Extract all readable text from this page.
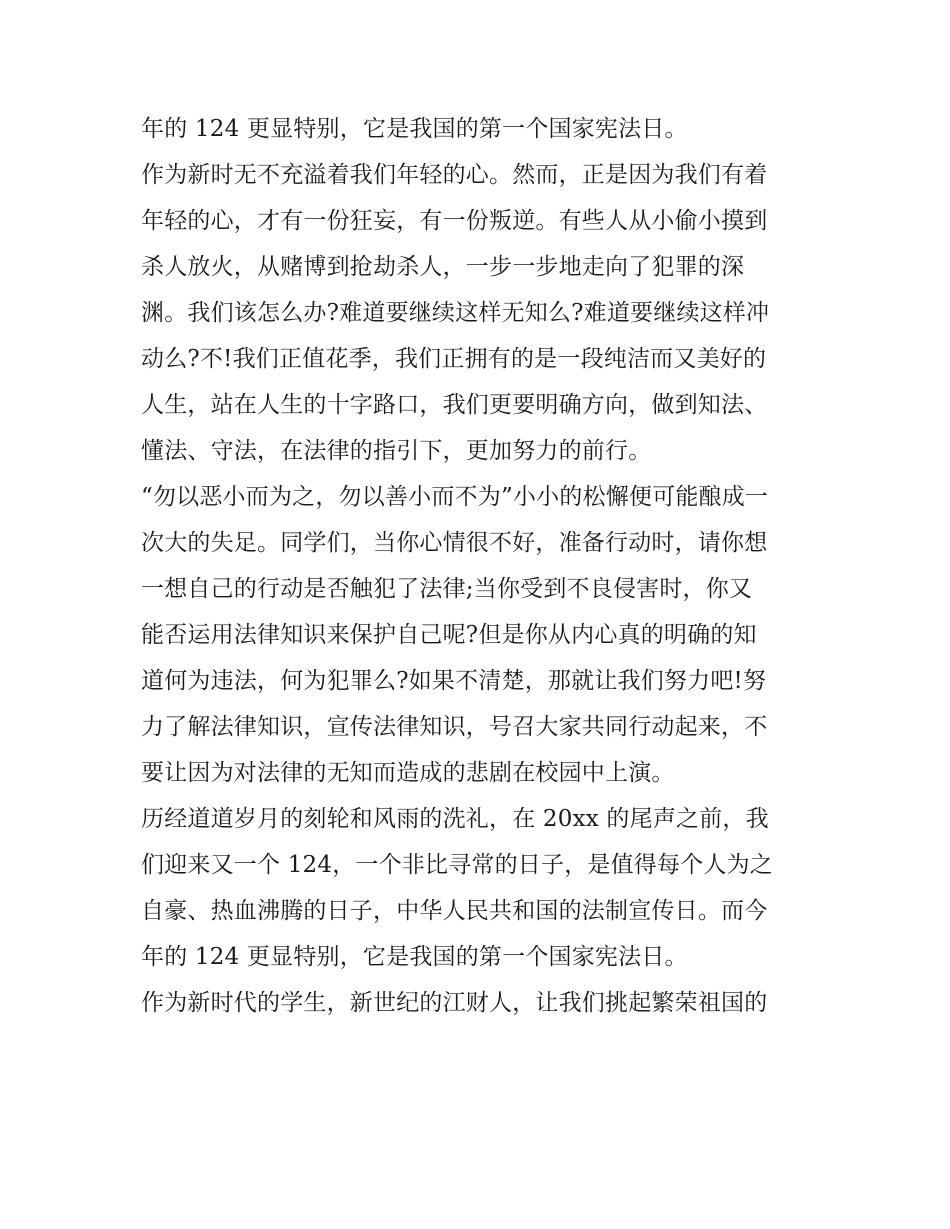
年的 124 更显特别，它是我国的第一个国家宪法日。
作为新时无不充溢着我们年轻的心。然而，正是因为我们有着
年轻的心，才有一份狂妄，有一份叛逆。有些人从小偷小摸到
杀人放火，从赌博到抢劫杀人，一步一步地走向了犯罪的深
渊。我们该怎么办?难道要继续这样无知么?难道要继续这样冲
动么?不!我们正值花季，我们正拥有的是一段纯洁而又美好的
人生，站在人生的十字路口，我们更要明确方向，做到知法、
懂法、守法，在法律的指引下，更加努力的前行。
“勿以恶小而为之，勿以善小而不为”小小的松懈便可能酿成一
次大的失足。同学们，当你心情很不好，准备行动时，请你想
一想自己的行动是否触犯了法律;当你受到不良侵害时，你又
能否运用法律知识来保护自己呢?但是你从内心真的明确的知
道何为违法，何为犯罪么?如果不清楚，那就让我们努力吧!努
力了解法律知识，宣传法律知识，号召大家共同行动起来，不
要让因为对法律的无知而造成的悲剧在校园中上演。
历经道道岁月的刻轮和风雨的洗礼，在 20xx 的尾声之前，我
们迎来又一个 124，一个非比寻常的日子，是值得每个人为之
自豪、热血沸腾的日子，中华人民共和国的法制宣传日。而今
年的 124 更显特别，它是我国的第一个国家宪法日。
作为新时代的学生，新世纪的江财人，让我们挑起繁荣祖国的
